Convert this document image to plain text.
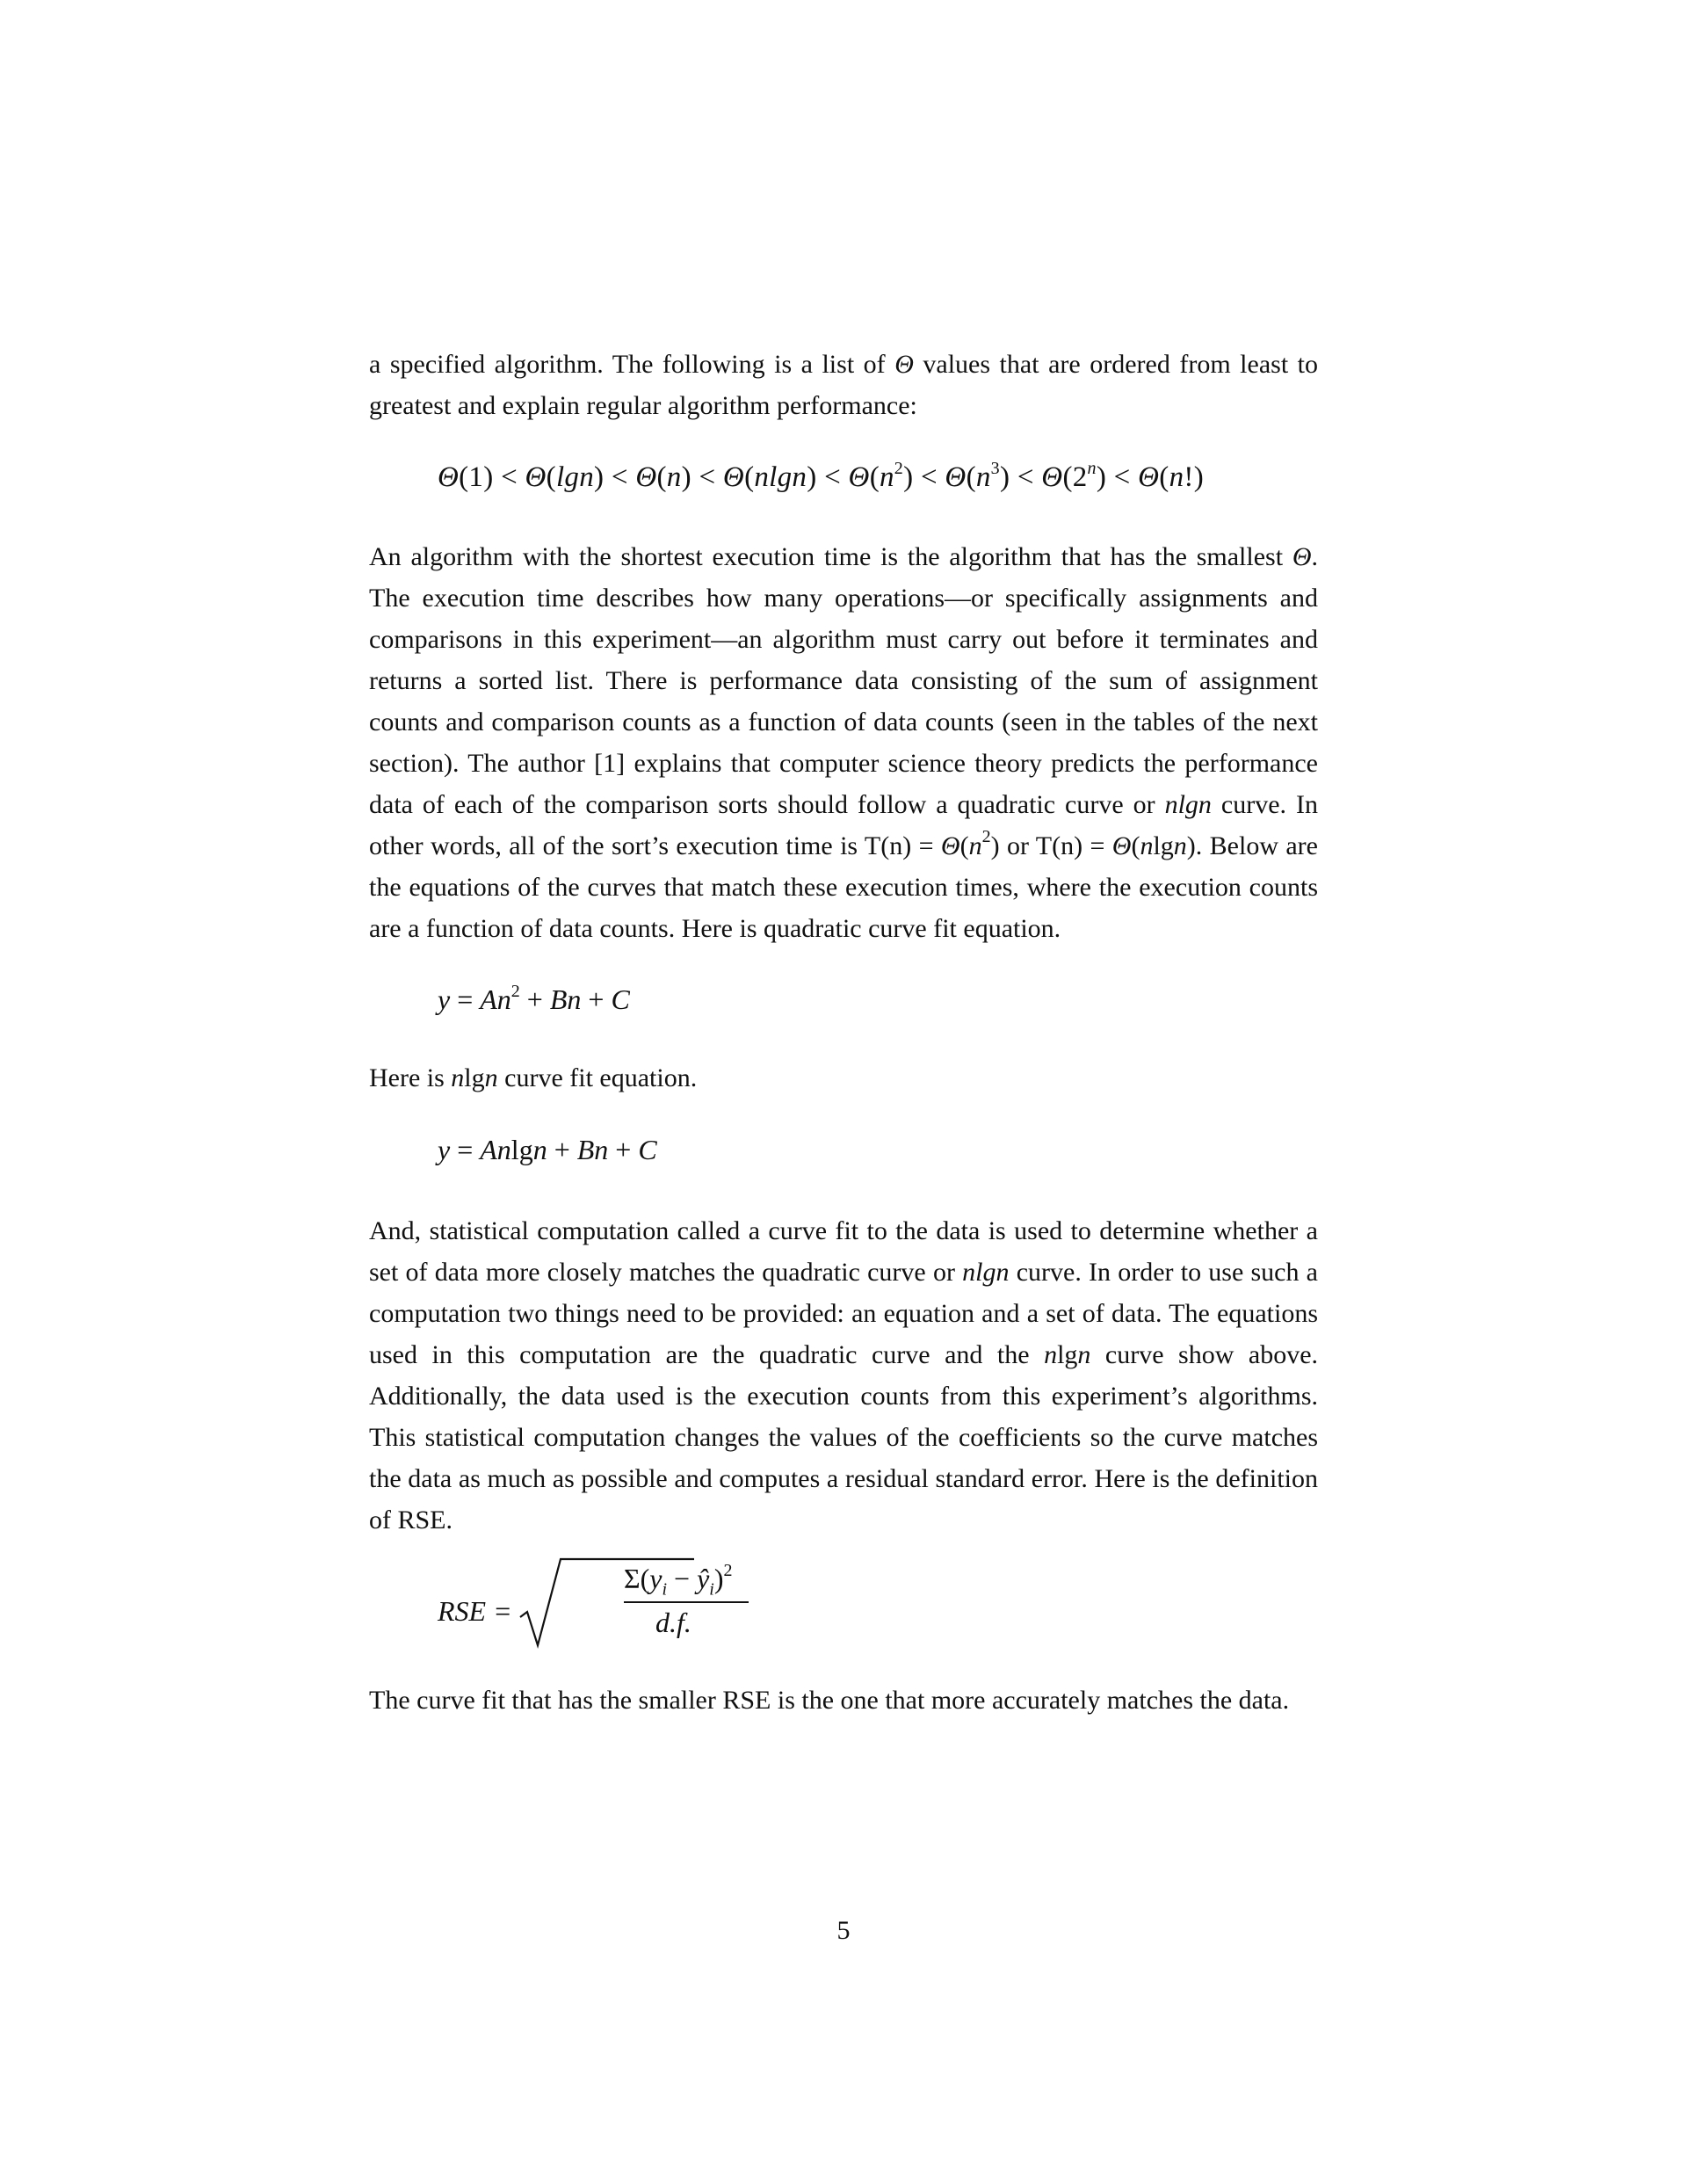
a specified algorithm. The following is a list of Θ values that are ordered from least to greatest and explain regular algorithm performance:

$\Theta(1) < \Theta(\lg n) < \Theta(n) < \Theta(nlgn) < \Theta(n^2) < \Theta(n^3) < \Theta(2^n) < \Theta(n!)$

An algorithm with the shortest execution time is the algorithm that has the smallest Θ. The execution time describes how many operations—or specifically assignments and comparisons in this experiment—an algorithm must carry out before it terminates and returns a sorted list. There is performance data consisting of the sum of assignment counts and comparison counts as a function of data counts (seen in the tables of the next section). The author [1] explains that computer science theory predicts the performance data of each of the comparison sorts should follow a quadratic curve or nlgn curve. In other words, all of the sort’s execution time is $T(n) = \Theta(n^2)$ or T(n) = Θ(nlgn). Below are the equations of the curves that match these execution times, where the execution counts are a function of data counts. Here is quadratic curve fit equation.

$y = An^2 + Bn + C$

Here is nlgn curve fit equation.

y = Anlgn + Bn + C

And, statistical computation called a curve fit to the data is used to determine whether a set of data more closely matches the quadratic curve or nlgn curve. In order to use such a computation two things need to be provided: an equation and a set of data. The equations used in this computation are the quadratic curve and the nlgn curve show above. Additionally, the data used is the execution counts from this experiment’s algorithms. This statistical computation changes the values of the coefficients so the curve matches the data as much as possible and computes a residual standard error. Here is the definition of RSE.

RSE =
$\Sigma(y_i$ − $ŷ_i)^2$
d.f.

The curve fit that has the smaller RSE is the one that more accurately matches the data.

5
